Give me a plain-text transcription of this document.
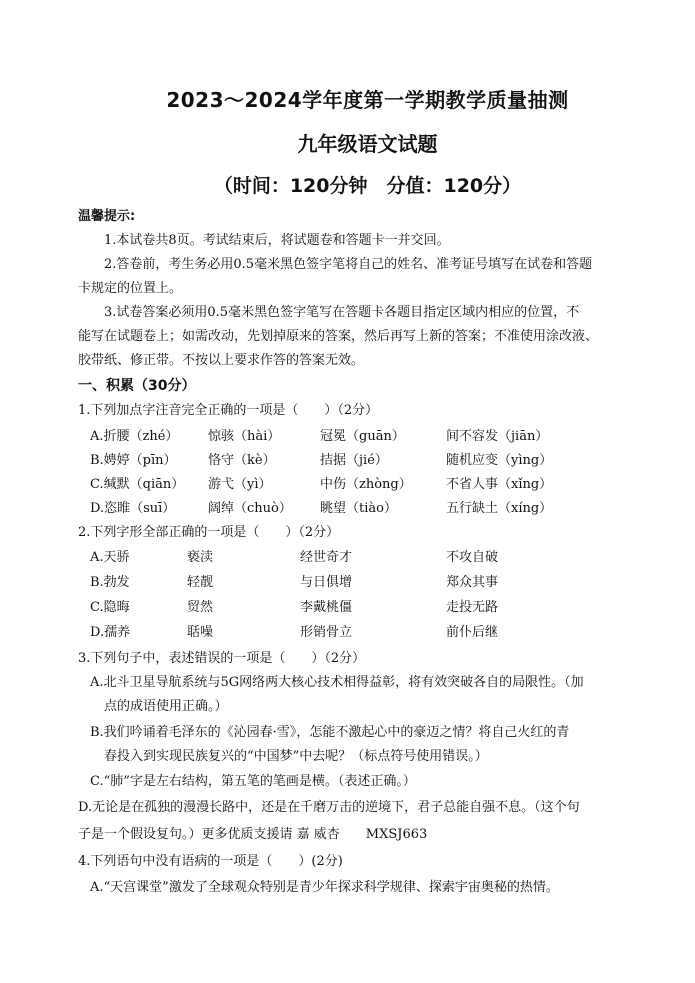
2023～2024学年度第一学期教学质量抽测
九年级语文试题
（时间：120分钟　分值：120分）
温馨提示:
1.本试卷共8页。考试结束后，将试题卷和答题卡一并交回。
2.答卷前，考生务必用0.5毫米黑色签字笔将自己的姓名、准考证号填写在试卷和答题
卡规定的位置上。
3.试卷答案必须用0.5毫米黑色签字笔写在答题卡各题目指定区域内相应的位置，不
能写在试题卷上；如需改动，先划掉原来的答案，然后再写上新的答案；不准使用涂改液、
胶带纸、修正带。不按以上要求作答的答案无效。
一、积累（30分）
1.下列加点字注音完全正确的一项是（　　）（2分）
A.折腰（zhé） 惊骇（hài）	冠冕（guān）	间不容发（jiān）
B.娉婷（pīn） 恪守（kè）	拮据（jié）	随机应变（yìng）
C.缄默（qiān） 游弋（yì）	中伤（zhòng）	不省人事（xǐng）
D.恣睢（suī）	阔绰（chuò） 眺望（tiào）	五行缺土（xíng）
2.下列字形全部正确的一项是（　　）（2分）
A.天骄	亵渎	经世奇才	不攻自破
B.勃发	轻靓	与日俱增	郑众其事
C.隐晦	贸然	李戴桃僵	走投无路
D.孺养	聒噪	形销骨立	前仆后继
3.下列句子中，表述错误的一项是（　　）（2分）
A.北斗卫星导航系统与5G网络两大核心技术相得益彰，将有效突破各自的局限性。（加
点的成语使用正确。）
B.我们吟诵着毛泽东的《沁园春·雪》，怎能不激起心中的豪迈之情？将自己火红的青
春投入到实现民族复兴的“中国梦”中去呢？（标点符号使用错误。）
C.“肺”字是左右结构，第五笔的笔画是横。（表述正确。）
D.无论是在孤独的漫漫长路中，还是在千磨万击的逆境下，君子总能自强不息。（这个句
子是一个假设复句。）更多优质支援请 嘉 威杏　　MXSJ663
4.下列语句中没有语病的一项是（　　）(2分)
A.“天宫课堂”激发了全球观众特别是青少年探求科学规律、探索宇宙奥秘的热情。
